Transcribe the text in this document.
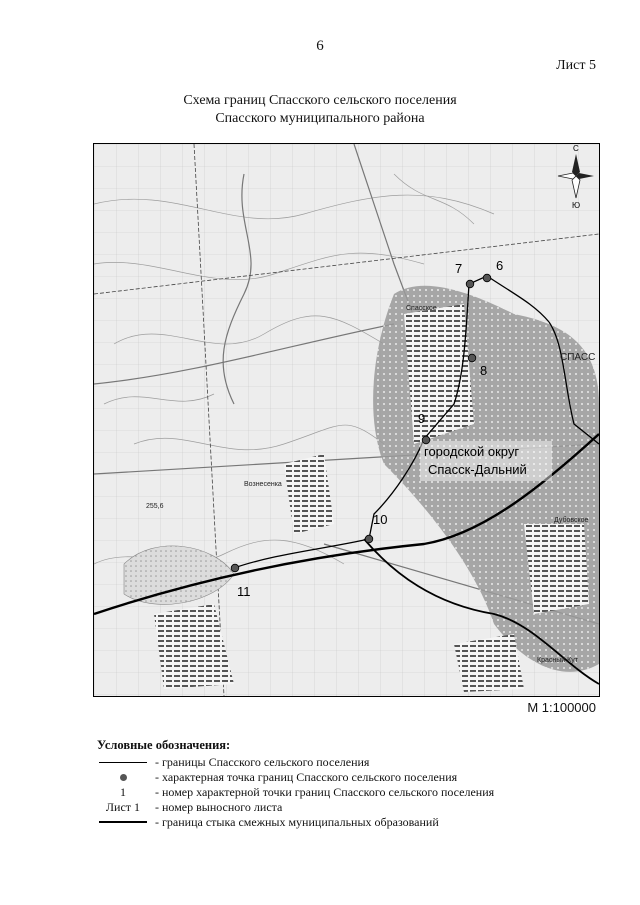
6
Лист 5
Схема границ Спасского сельского поселения
Спасского муниципального района
С
Ю
СПАСС
Спасское
Вознесенка
Дубовское
Красный Кут
255,6
городской округ
Спасск-Дальний
6
7
8
9
10
11
М 1:100000
Условные обозначения:
- границы Спасского сельского поселения
- характерная точка границ Спасского сельского поселения
1	- номер характерной точки границ Спасского сельского поселения
Лист 1	- номер выносного листа
- граница стыка смежных муниципальных образований
